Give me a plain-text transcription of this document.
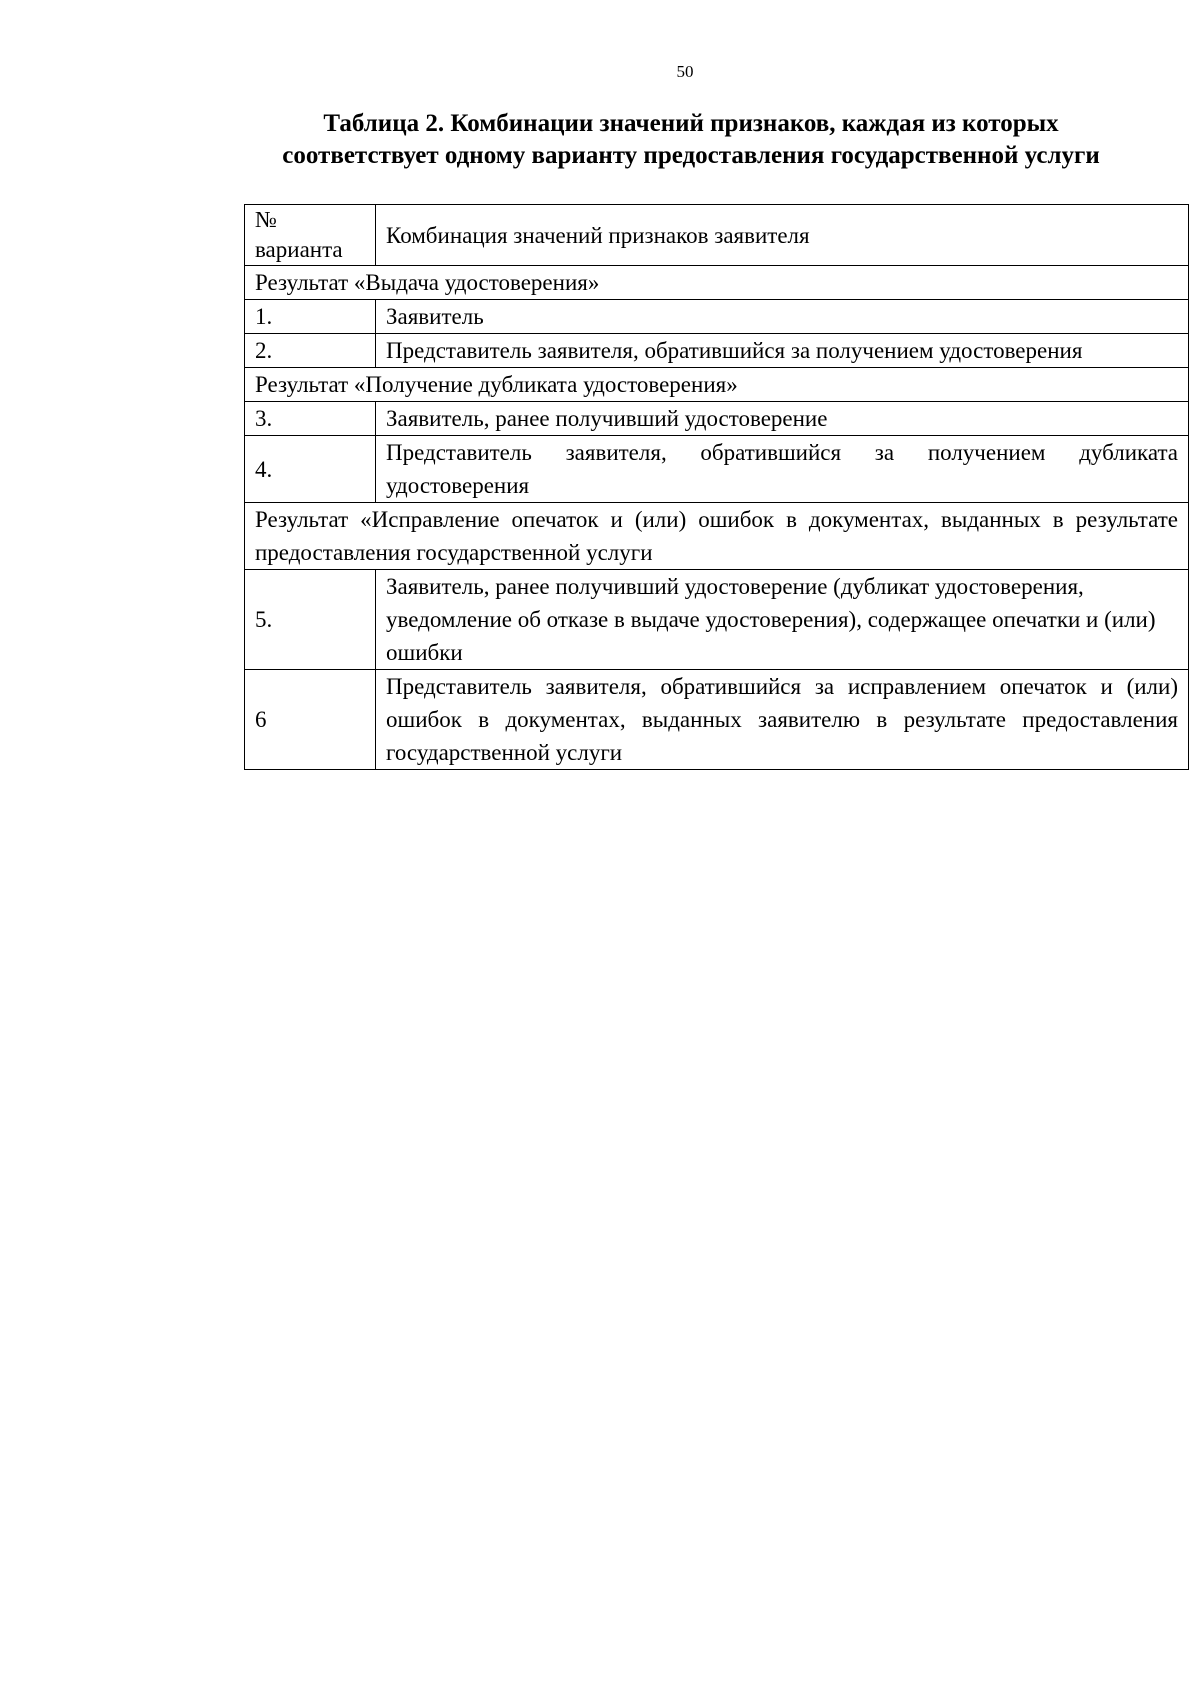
50
Таблица 2. Комбинации значений признаков, каждая из которых
соответствует одному варианту предоставления государственной услуги
№
варианта	Комбинация значений признаков заявителя
Результат «Выдача удостоверения»	
1.	Заявитель
2.	Представитель заявителя, обратившийся за получением удостоверения
Результат «Получение дубликата удостоверения»	
3.	Заявитель, ранее получивший удостоверение
4.	Представитель заявителя, обратившийся за получением дубликата удостоверения
Результат «Исправление опечаток и (или) ошибок в документах, выданных в результате предоставления государственной услуги	
5.	Заявитель, ранее получивший удостоверение (дубликат удостоверения, уведомление об отказе в выдаче удостоверения), содержащее опечатки и (или) ошибки
6	Представитель заявителя, обратившийся за исправлением опечаток и (или) ошибок в документах, выданных заявителю в результате предоставления государственной услуги
